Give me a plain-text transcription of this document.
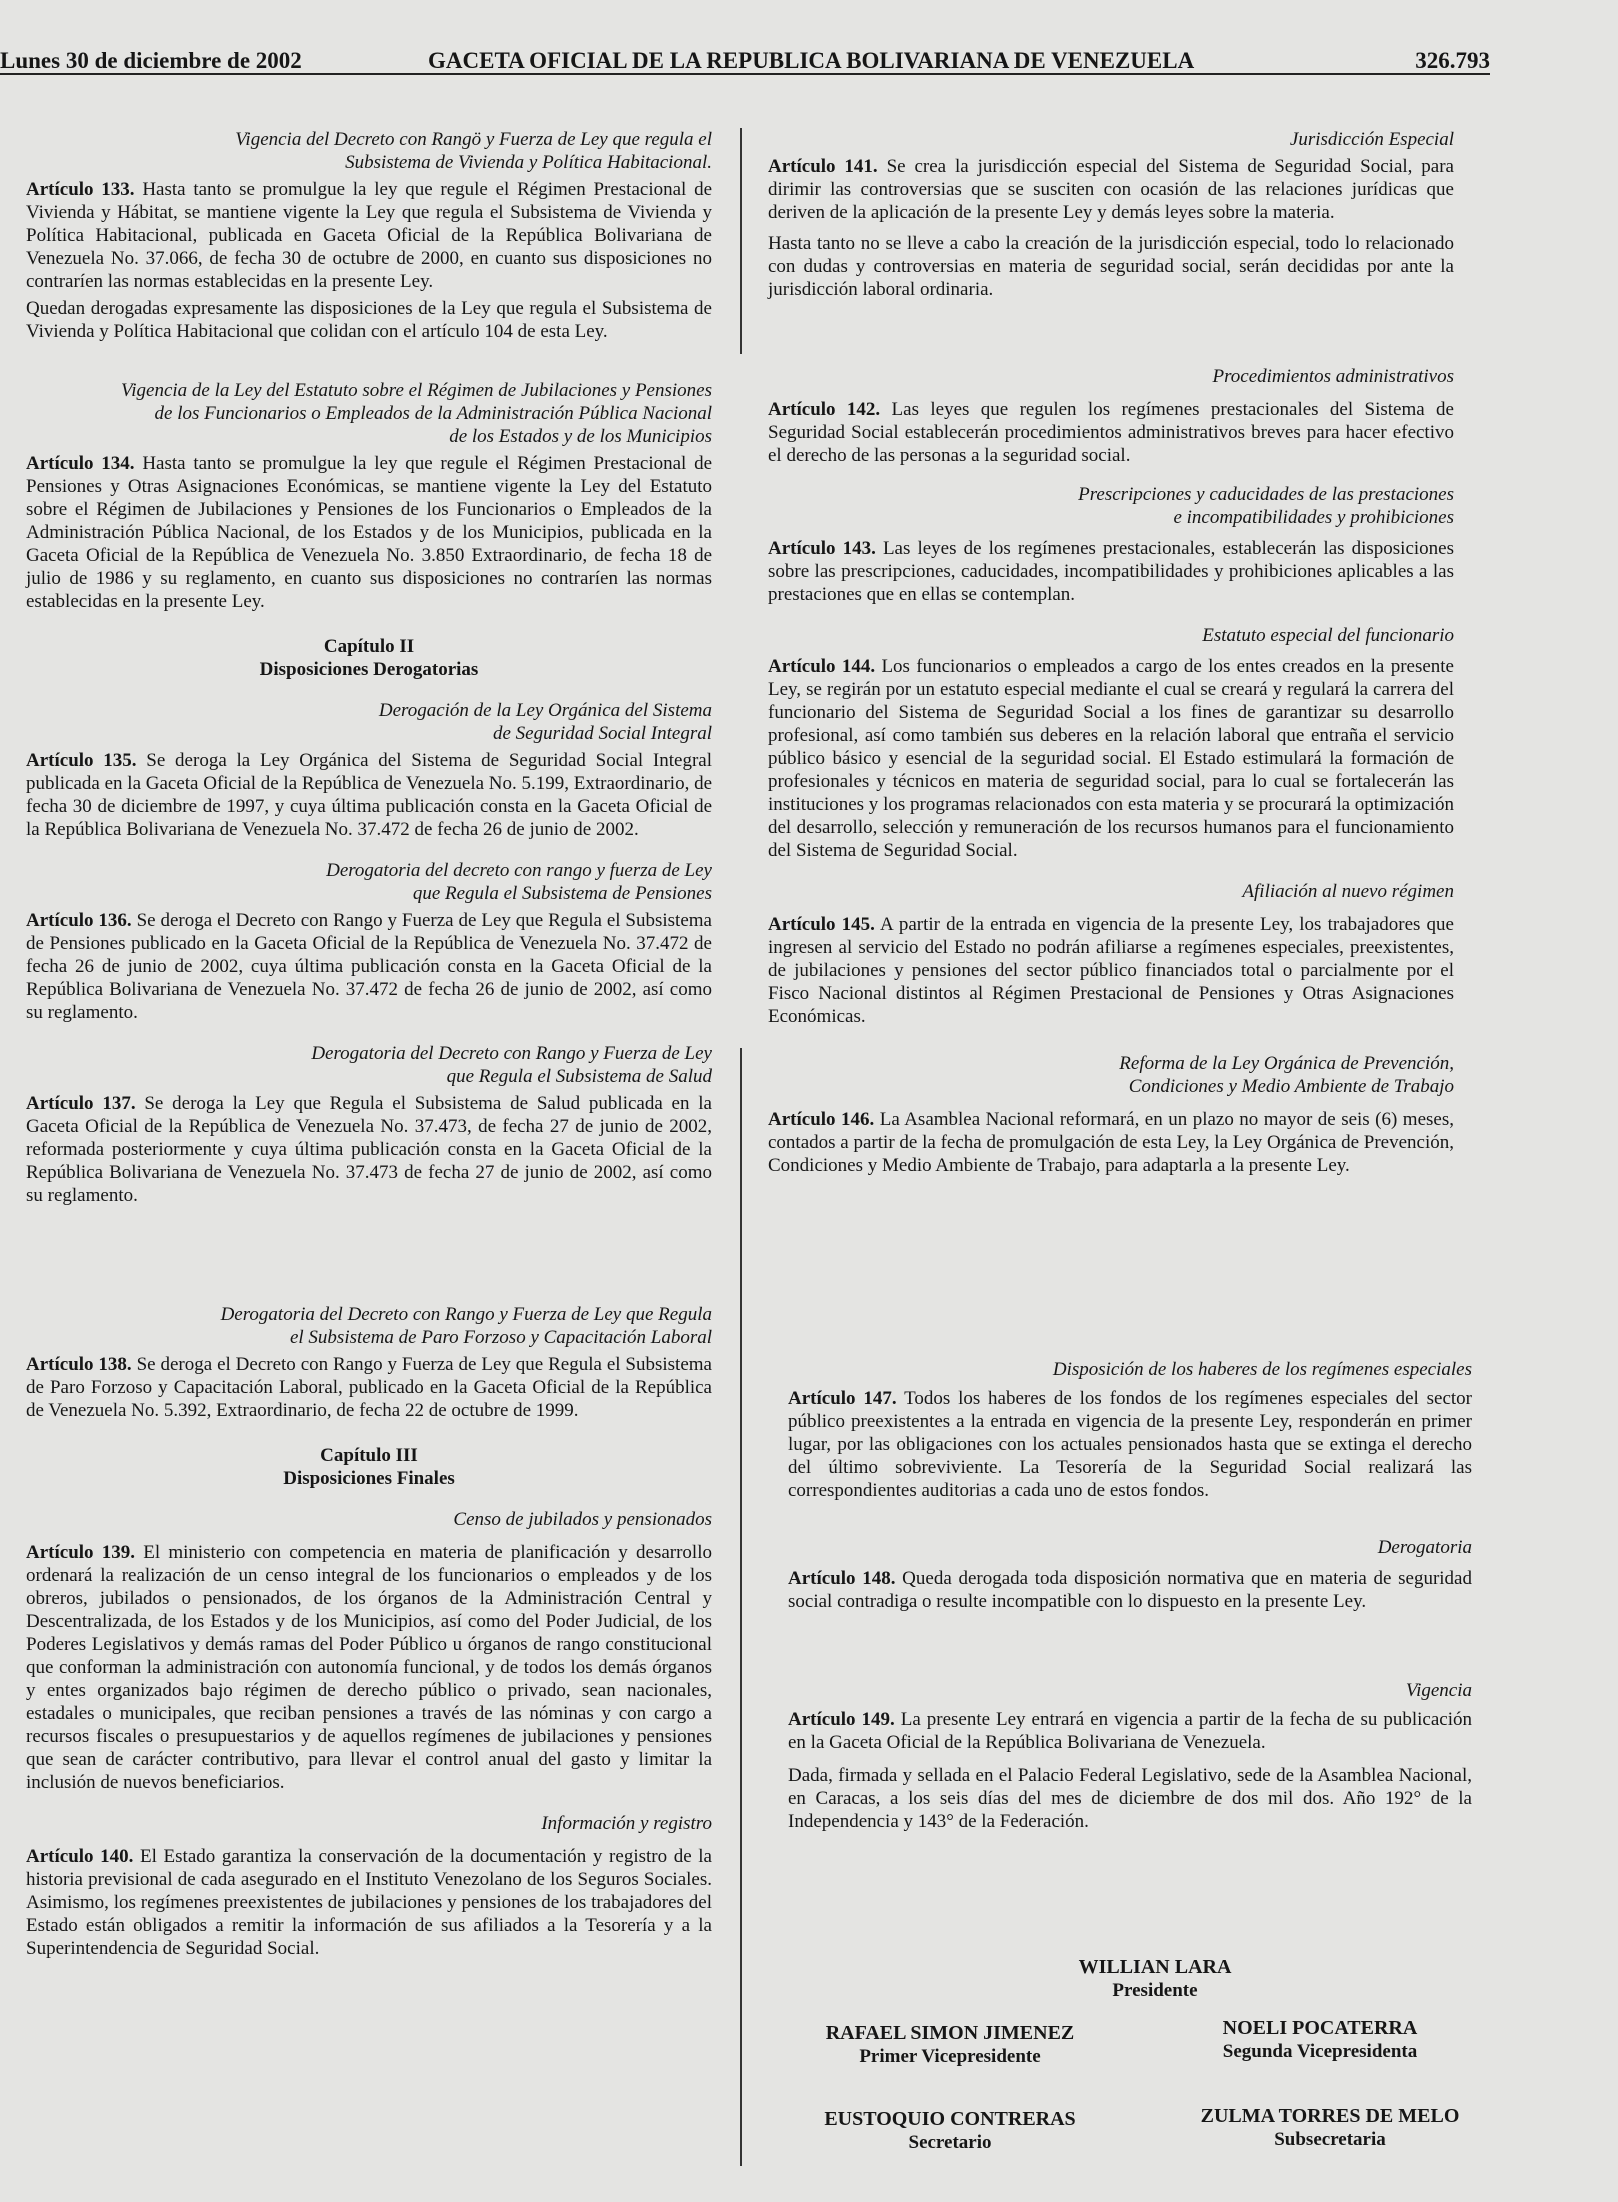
Lunes 30 de diciembre de 2002	GACETA OFICIAL DE LA REPUBLICA BOLIVARIANA DE VENEZUELA	326.793

Vigencia del Decreto con Rangö y Fuerza de Ley que regula el
Subsistema de Vivienda y Política Habitacional.

Artículo 133. Hasta tanto se promulgue la ley que regule el Régimen Prestacional de Vivienda y Hábitat, se mantiene vigente la Ley que regula el Subsistema de Vivienda y Política Habitacional, publicada en Gaceta Oficial de la República Bolivariana de Venezuela No. 37.066, de fecha 30 de octubre de 2000, en cuanto sus disposiciones no contraríen las normas establecidas en la presente Ley.

Quedan derogadas expresamente las disposiciones de la Ley que regula el Subsistema de Vivienda y Política Habitacional que colidan con el artículo 104 de esta Ley.

Vigencia de la Ley del Estatuto sobre el Régimen de Jubilaciones y Pensiones
de los Funcionarios o Empleados de la Administración Pública Nacional
de los Estados y de los Municipios

Artículo 134. Hasta tanto se promulgue la ley que regule el Régimen Prestacional de Pensiones y Otras Asignaciones Económicas, se mantiene vigente la Ley del Estatuto sobre el Régimen de Jubilaciones y Pensiones de los Funcionarios o Empleados de la Administración Pública Nacional, de los Estados y de los Municipios, publicada en la Gaceta Oficial de la República de Venezuela No. 3.850 Extraordinario, de fecha 18 de julio de 1986 y su reglamento, en cuanto sus disposiciones no contraríen las normas establecidas en la presente Ley.

Capítulo II
Disposiciones Derogatorias

Derogación de la Ley Orgánica del Sistema
de Seguridad Social Integral

Artículo 135. Se deroga la Ley Orgánica del Sistema de Seguridad Social Integral publicada en la Gaceta Oficial de la República de Venezuela No. 5.199, Extraordinario, de fecha 30 de diciembre de 1997, y cuya última publicación consta en la Gaceta Oficial de la República Bolivariana de Venezuela No. 37.472 de fecha 26 de junio de 2002.

Derogatoria del decreto con rango y fuerza de Ley
que Regula el Subsistema de Pensiones

Artículo 136. Se deroga el Decreto con Rango y Fuerza de Ley que Regula el Subsistema de Pensiones publicado en la Gaceta Oficial de la República de Venezuela No. 37.472 de fecha 26 de junio de 2002, cuya última publicación consta en la Gaceta Oficial de la República Bolivariana de Venezuela No. 37.472 de fecha 26 de junio de 2002, así como su reglamento.

Derogatoria del Decreto con Rango y Fuerza de Ley
que Regula el Subsistema de Salud

Artículo 137. Se deroga la Ley que Regula el Subsistema de Salud publicada en la Gaceta Oficial de la República de Venezuela No. 37.473, de fecha 27 de junio de 2002, reformada posteriormente y cuya última publicación consta en la Gaceta Oficial de la República Bolivariana de Venezuela No. 37.473 de fecha 27 de junio de 2002, así como su reglamento.

Derogatoria del Decreto con Rango y Fuerza de Ley que Regula
el Subsistema de Paro Forzoso y Capacitación Laboral

Artículo 138. Se deroga el Decreto con Rango y Fuerza de Ley que Regula el Subsistema de Paro Forzoso y Capacitación Laboral, publicado en la Gaceta Oficial de la República de Venezuela No. 5.392, Extraordinario, de fecha 22 de octubre de 1999.

Capítulo III
Disposiciones Finales

Censo de jubilados y pensionados

Artículo 139. El ministerio con competencia en materia de planificación y desarrollo ordenará la realización de un censo integral de los funcionarios o empleados y de los obreros, jubilados o pensionados, de los órganos de la Administración Central y Descentralizada, de los Estados y de los Municipios, así como del Poder Judicial, de los Poderes Legislativos y demás ramas del Poder Público u órganos de rango constitucional que conforman la administración con autonomía funcional, y de todos los demás órganos y entes organizados bajo régimen de derecho público o privado, sean nacionales, estadales o municipales, que reciban pensiones a través de las nóminas y con cargo a recursos fiscales o presupuestarios y de aquellos regímenes de jubilaciones y pensiones que sean de carácter contributivo, para llevar el control anual del gasto y limitar la inclusión de nuevos beneficiarios.

Información y registro

Artículo 140. El Estado garantiza la conservación de la documentación y registro de la historia previsional de cada asegurado en el Instituto Venezolano de los Seguros Sociales. Asimismo, los regímenes preexistentes de jubilaciones y pensiones de los trabajadores del Estado están obligados a remitir la información de sus afiliados a la Tesorería y a la Superintendencia de Seguridad Social.

Jurisdicción Especial

Artículo 141. Se crea la jurisdicción especial del Sistema de Seguridad Social, para dirimir las controversias que se susciten con ocasión de las relaciones jurídicas que deriven de la aplicación de la presente Ley y demás leyes sobre la materia.

Hasta tanto no se lleve a cabo la creación de la jurisdicción especial, todo lo relacionado con dudas y controversias en materia de seguridad social, serán decididas por ante la jurisdicción laboral ordinaria.

Procedimientos administrativos

Artículo 142. Las leyes que regulen los regímenes prestacionales del Sistema de Seguridad Social establecerán procedimientos administrativos breves para hacer efectivo el derecho de las personas a la seguridad social.

Prescripciones y caducidades de las prestaciones
e incompatibilidades y prohibiciones

Artículo 143. Las leyes de los regímenes prestacionales, establecerán las disposiciones sobre las prescripciones, caducidades, incompatibilidades y prohibiciones aplicables a las prestaciones que en ellas se contemplan.

Estatuto especial del funcionario

Artículo 144. Los funcionarios o empleados a cargo de los entes creados en la presente Ley, se regirán por un estatuto especial mediante el cual se creará y regulará la carrera del funcionario del Sistema de Seguridad Social a los fines de garantizar su desarrollo profesional, así como también sus deberes en la relación laboral que entraña el servicio público básico y esencial de la seguridad social. El Estado estimulará la formación de profesionales y técnicos en materia de seguridad social, para lo cual se fortalecerán las instituciones y los programas relacionados con esta materia y se procurará la optimización del desarrollo, selección y remuneración de los recursos humanos para el funcionamiento del Sistema de Seguridad Social.

Afiliación al nuevo régimen

Artículo 145. A partir de la entrada en vigencia de la presente Ley, los trabajadores que ingresen al servicio del Estado no podrán afiliarse a regímenes especiales, preexistentes, de jubilaciones y pensiones del sector público financiados total o parcialmente por el Fisco Nacional distintos al Régimen Prestacional de Pensiones y Otras Asignaciones Económicas.

Reforma de la Ley Orgánica de Prevención,
Condiciones y Medio Ambiente de Trabajo

Artículo 146. La Asamblea Nacional reformará, en un plazo no mayor de seis (6) meses, contados a partir de la fecha de promulgación de esta Ley, la Ley Orgánica de Prevención, Condiciones y Medio Ambiente de Trabajo, para adaptarla a la presente Ley.

Disposición de los haberes de los regímenes especiales

Artículo 147. Todos los haberes de los fondos de los regímenes especiales del sector público preexistentes a la entrada en vigencia de la presente Ley, responderán en primer lugar, por las obligaciones con los actuales pensionados hasta que se extinga el derecho del último sobreviviente. La Tesorería de la Seguridad Social realizará las correspondientes auditorias a cada uno de estos fondos.

Derogatoria

Artículo 148. Queda derogada toda disposición normativa que en materia de seguridad social contradiga o resulte incompatible con lo dispuesto en la presente Ley.

Vigencia

Artículo 149. La presente Ley entrará en vigencia a partir de la fecha de su publicación en la Gaceta Oficial de la República Bolivariana de Venezuela.

Dada, firmada y sellada en el Palacio Federal Legislativo, sede de la Asamblea Nacional, en Caracas, a los seis días del mes de diciembre de dos mil dos. Año 192° de la Independencia y 143° de la Federación.

WILLIAN LARA
Presidente
RAFAEL SIMON JIMENEZ
Primer Vicepresidente
NOELI POCATERRA
Segunda Vicepresidenta
EUSTOQUIO CONTRERAS
Secretario
ZULMA TORRES DE MELO
Subsecretaria
